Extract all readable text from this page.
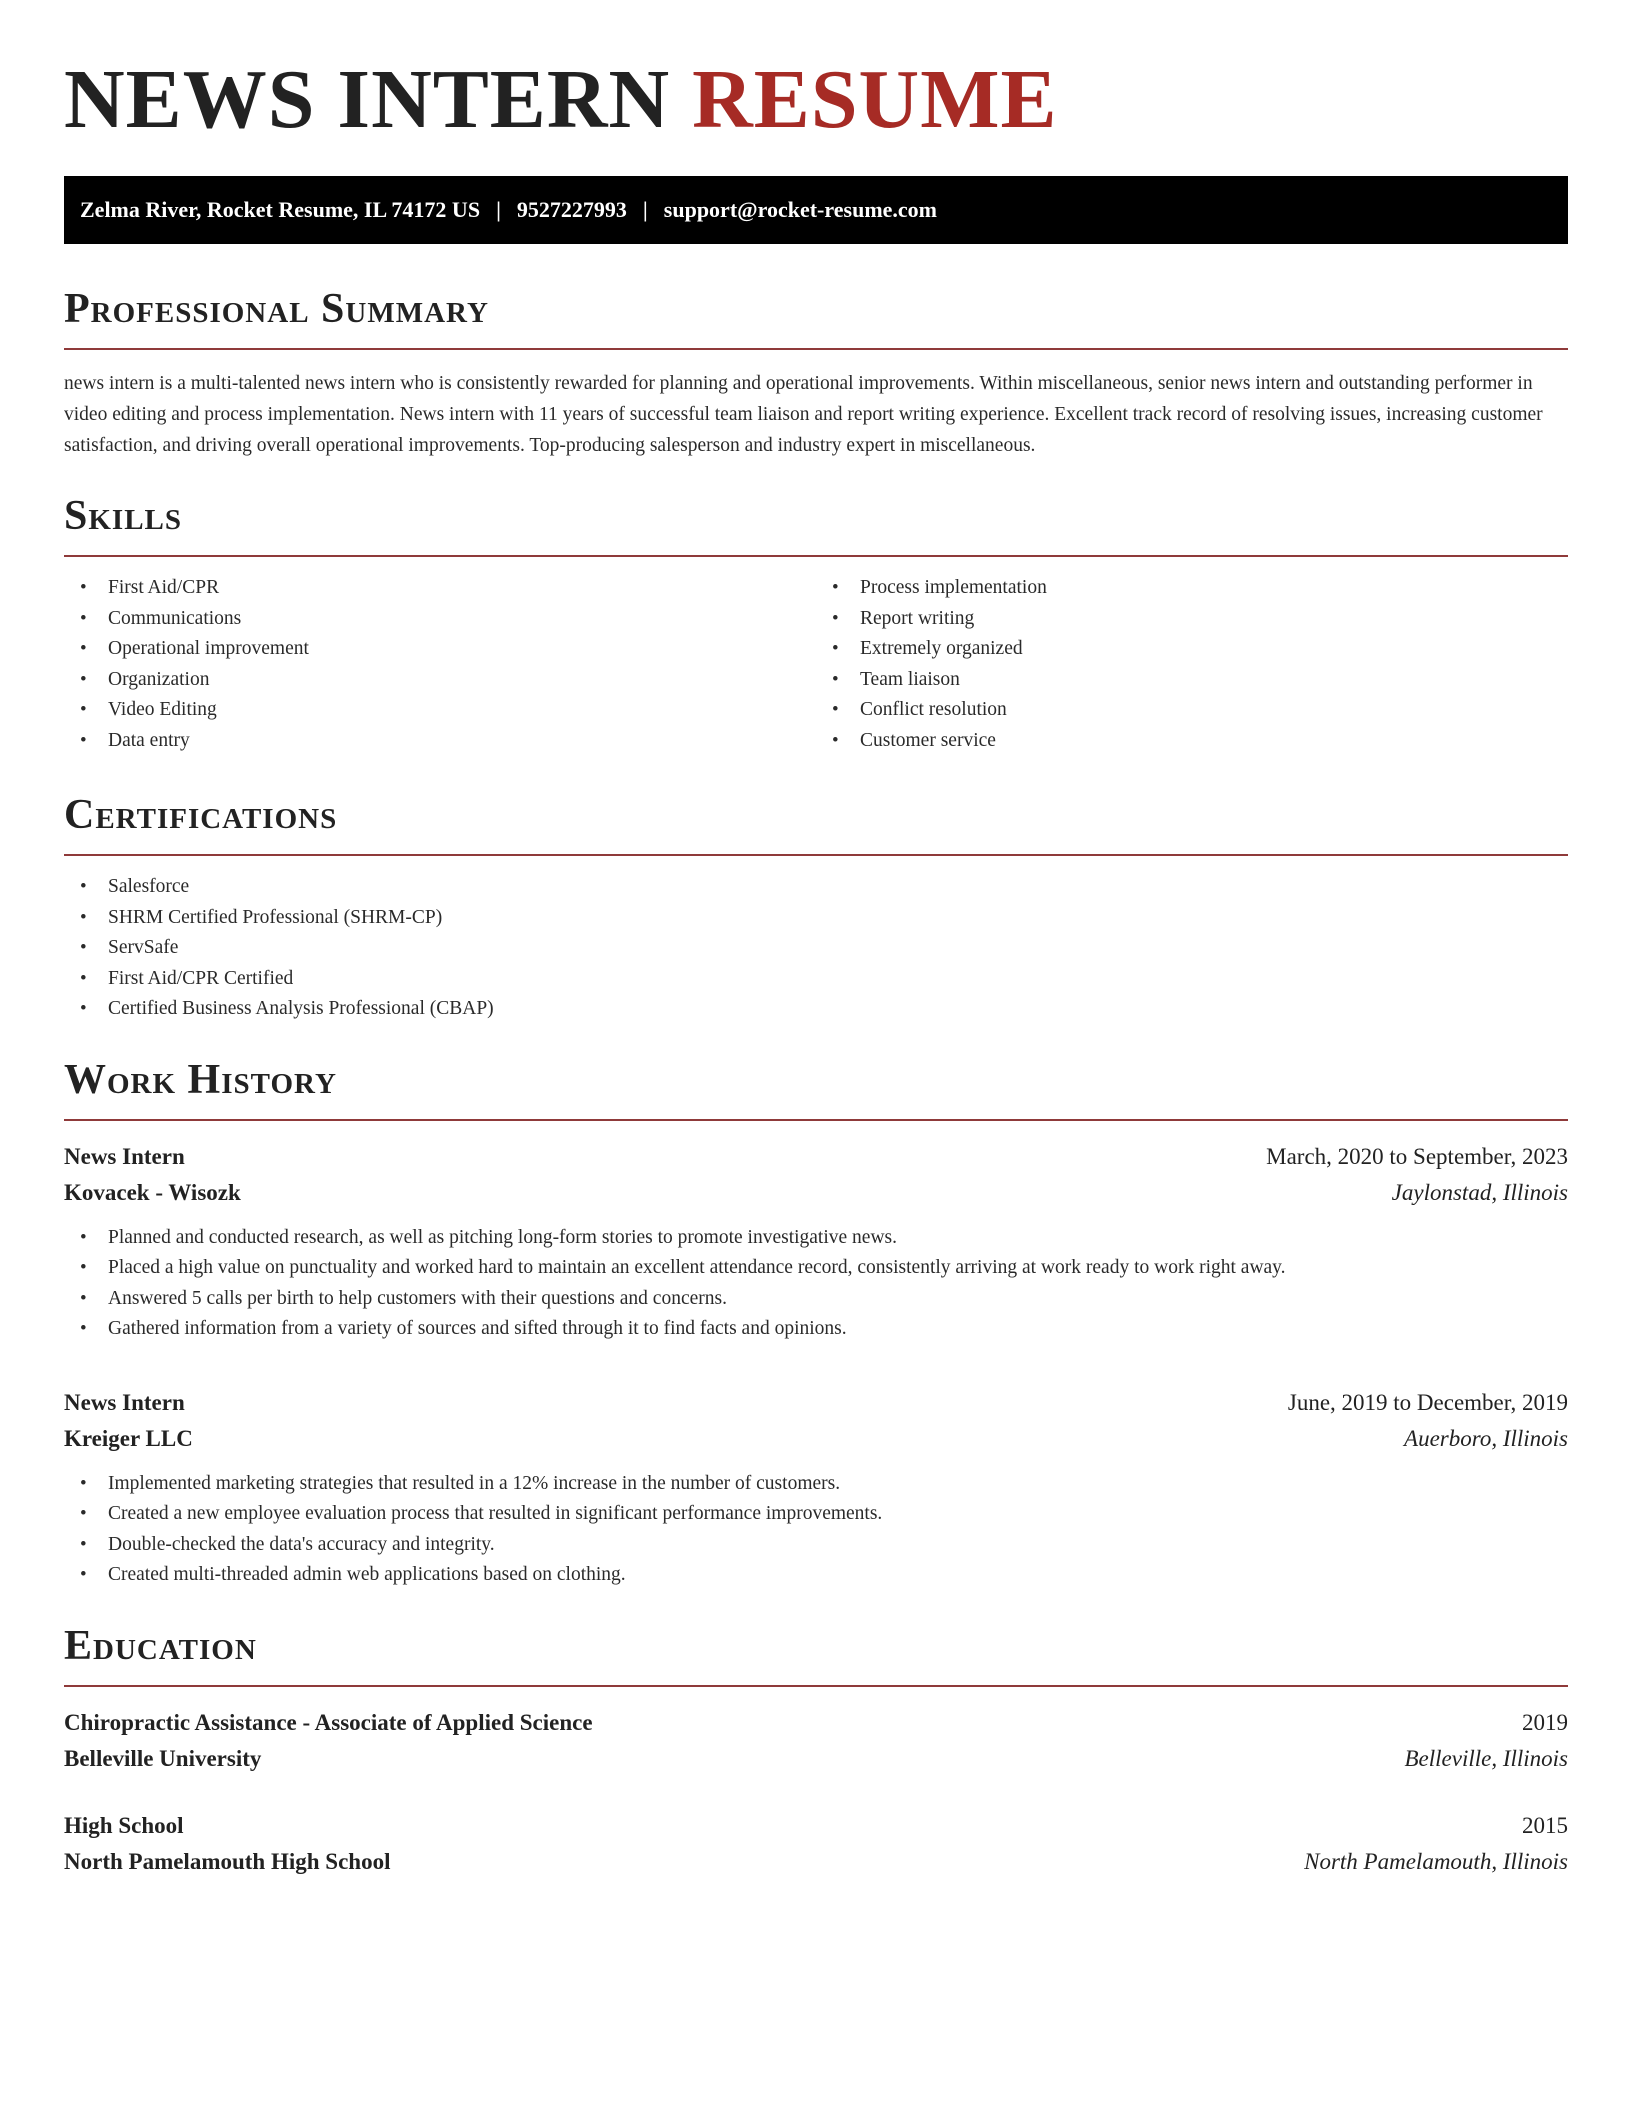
NEWS INTERN RESUME
Zelma River, Rocket Resume, IL 74172 US | 9527227993 | support@rocket-resume.com
Professional Summary

news intern is a multi-talented news intern who is consistently rewarded for planning and operational improvements. Within miscellaneous, senior news intern and outstanding performer in video editing and process implementation. News intern with 11 years of successful team liaison and report writing experience. Excellent track record of resolving issues, increasing customer satisfaction, and driving overall operational improvements. Top-producing salesperson and industry expert in miscellaneous.

Skills
• First Aid/CPR
• Communications
• Operational improvement
• Organization
• Video Editing
• Data entry
• Process implementation
• Report writing
• Extremely organized
• Team liaison
• Conflict resolution
• Customer service
Certifications
• Salesforce
• SHRM Certified Professional (SHRM-CP)
• ServSafe
• First Aid/CPR Certified
• Certified Business Analysis Professional (CBAP)
Work History
News Intern	March, 2020 to September, 2023
Kovacek - Wisozk	Jaylonstad, Illinois
• Planned and conducted research, as well as pitching long-form stories to promote investigative news.
• Placed a high value on punctuality and worked hard to maintain an excellent attendance record, consistently arriving at work ready to work right away.
• Answered 5 calls per birth to help customers with their questions and concerns.
• Gathered information from a variety of sources and sifted through it to find facts and opinions.
News Intern	June, 2019 to December, 2019
Kreiger LLC	Auerboro, Illinois
• Implemented marketing strategies that resulted in a 12% increase in the number of customers.
• Created a new employee evaluation process that resulted in significant performance improvements.
• Double-checked the data's accuracy and integrity.
• Created multi-threaded admin web applications based on clothing.
Education
Chiropractic Assistance - Associate of Applied Science	2019
Belleville University	Belleville, Illinois
High School	2015
North Pamelamouth High School	North Pamelamouth, Illinois
